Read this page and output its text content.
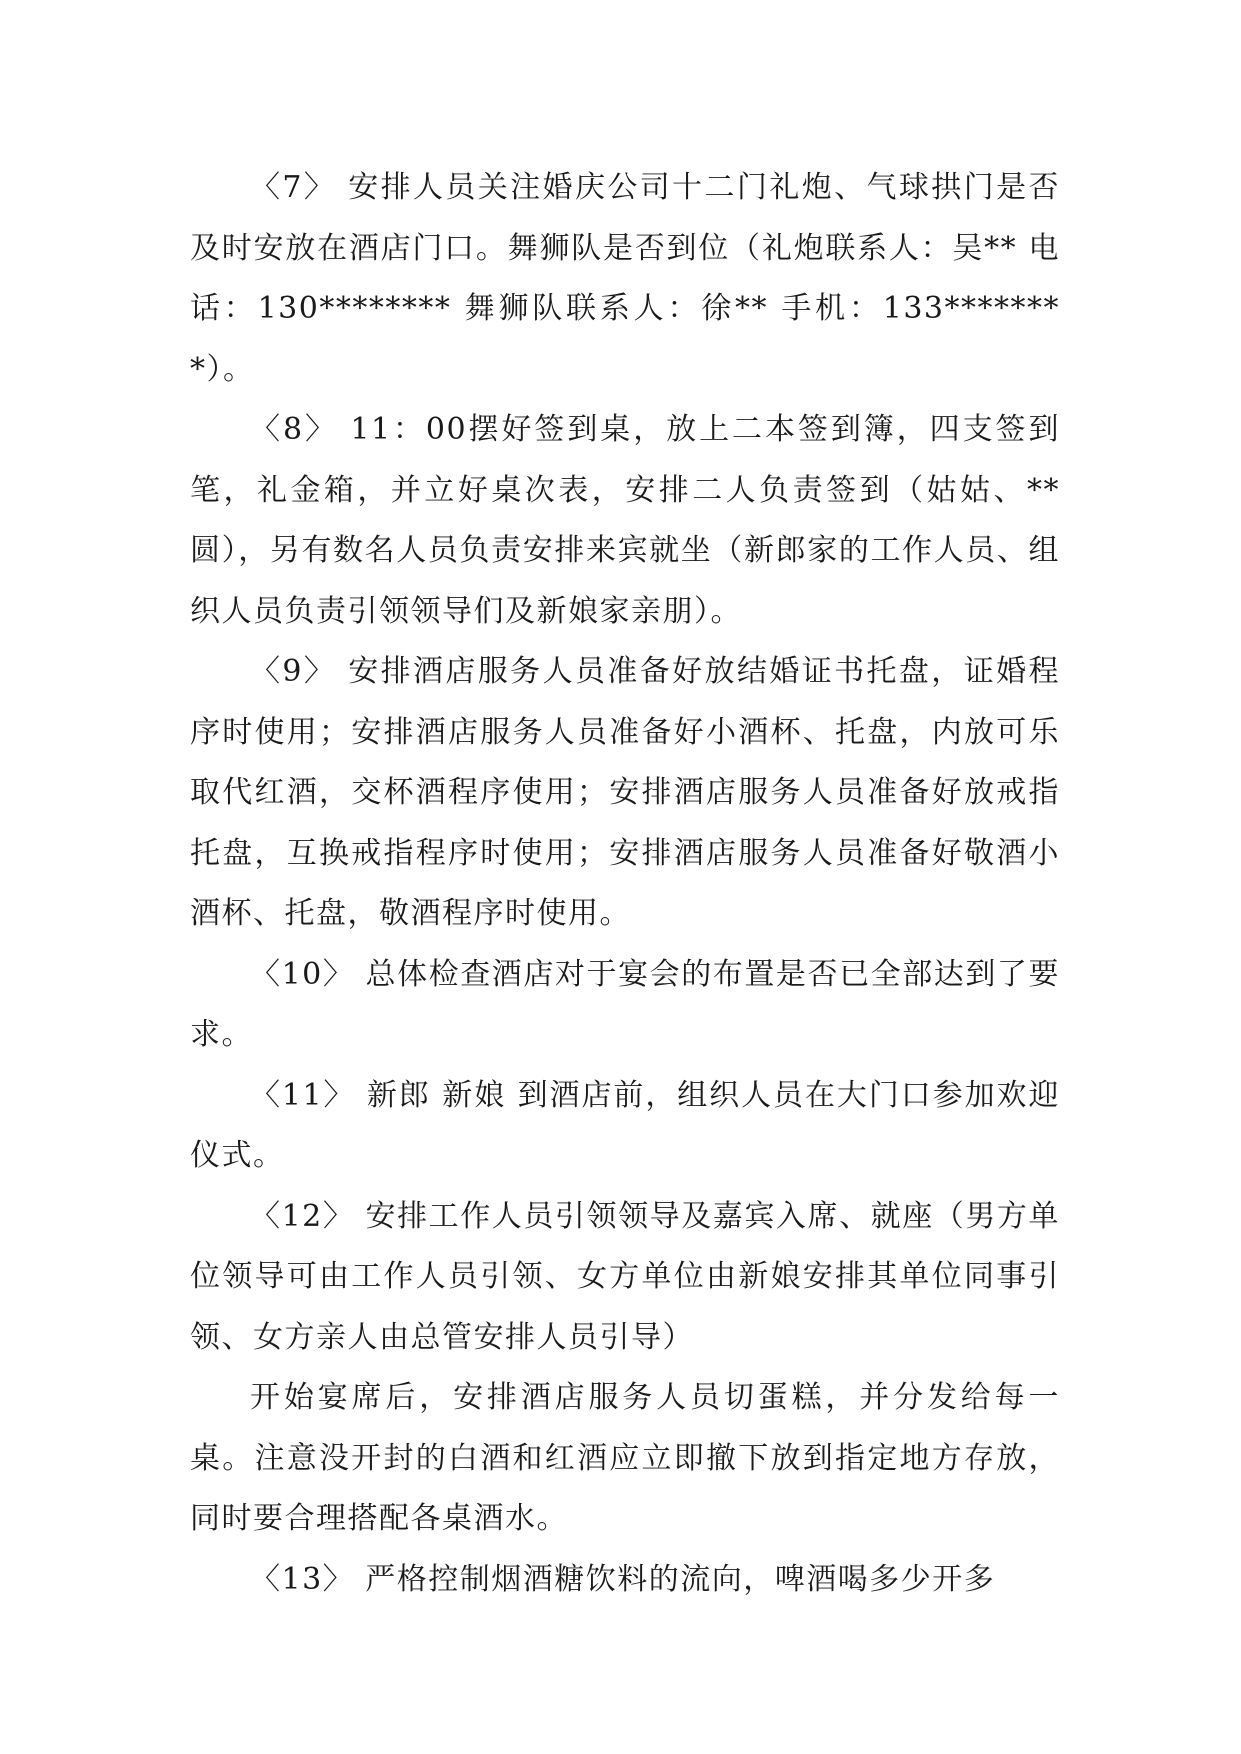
〈7〉 安排人员关注婚庆公司十二门礼炮、气球拱门是否及时安放在酒店门口。舞狮队是否到位（礼炮联系人：吴** 电话：130******** 舞狮队联系人：徐** 手机：133********）。

〈8〉 11：00摆好签到桌，放上二本签到簿，四支签到笔，礼金箱，并立好桌次表，安排二人负责签到（姑姑、**圆），另有数名人员负责安排来宾就坐（新郎家的工作人员、组织人员负责引领领导们及新娘家亲朋）。

〈9〉 安排酒店服务人员准备好放结婚证书托盘，证婚程序时使用；安排酒店服务人员准备好小酒杯、托盘，内放可乐取代红酒，交杯酒程序使用；安排酒店服务人员准备好放戒指托盘，互换戒指程序时使用；安排酒店服务人员准备好敬酒小酒杯、托盘，敬酒程序时使用。

〈10〉 总体检查酒店对于宴会的布置是否已全部达到了要求。

〈11〉 新郎 新娘 到酒店前，组织人员在大门口参加欢迎仪式。

〈12〉 安排工作人员引领领导及嘉宾入席、就座（男方单位领导可由工作人员引领、女方单位由新娘安排其单位同事引领、女方亲人由总管安排人员引导）

开始宴席后，安排酒店服务人员切蛋糕，并分发给每一桌。注意没开封的白酒和红酒应立即撤下放到指定地方存放，同时要合理搭配各桌酒水。

〈13〉 严格控制烟酒糖饮料的流向，啤酒喝多少开多
